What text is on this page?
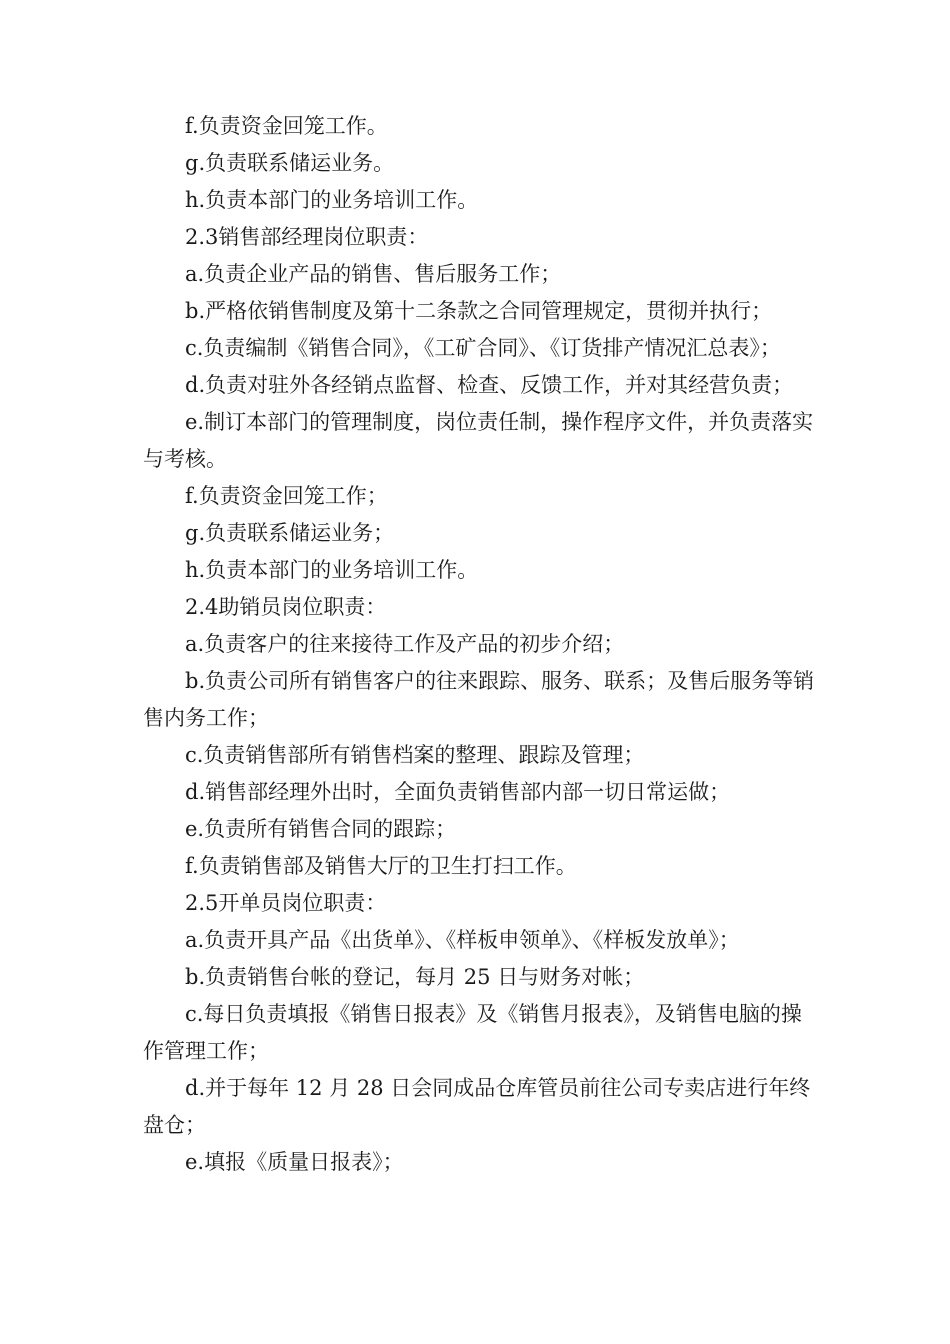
f.负责资金回笼工作。

g.负责联系储运业务。

h.负责本部门的业务培训工作。

2.3销售部经理岗位职责：

a.负责企业产品的销售、售后服务工作；

b.严格依销售制度及第十二条款之合同管理规定，贯彻并执行；

c.负责编制《销售合同》，《工矿合同》、《订货排产情况汇总表》；

d.负责对驻外各经销点监督、检查、反馈工作，并对其经营负责；

e.制订本部门的管理制度，岗位责任制，操作程序文件，并负责落实与考核。

f.负责资金回笼工作；

g.负责联系储运业务；

h.负责本部门的业务培训工作。

2.4助销员岗位职责：

a.负责客户的往来接待工作及产品的初步介绍；

b.负责公司所有销售客户的往来跟踪、服务、联系；及售后服务等销售内务工作；

c.负责销售部所有销售档案的整理、跟踪及管理；

d.销售部经理外出时，全面负责销售部内部一切日常运做；

e.负责所有销售合同的跟踪；

f.负责销售部及销售大厅的卫生打扫工作。

2.5开单员岗位职责：

a.负责开具产品《出货单》、《样板申领单》、《样板发放单》；

b.负责销售台帐的登记，每月 25 日与财务对帐；

c.每日负责填报《销售日报表》及《销售月报表》，及销售电脑的操作管理工作；

d.并于每年 12 月 28 日会同成品仓库管员前往公司专卖店进行年终盘仓；

e.填报《质量日报表》；
